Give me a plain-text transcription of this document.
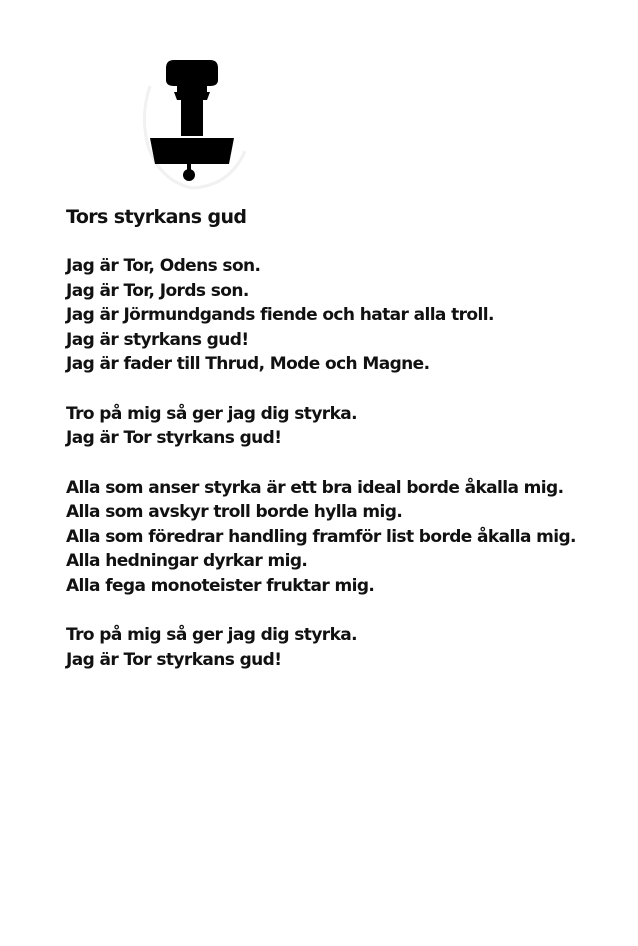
Tors styrkans gud
Jag är Tor, Odens son.
Jag är Tor, Jords son.
Jag är Jörmundgands fiende och hatar alla troll.
Jag är styrkans gud!
Jag är fader till Thrud, Mode och Magne.
Tro på mig så ger jag dig styrka.
Jag är Tor styrkans gud!
Alla som anser styrka är ett bra ideal borde åkalla mig.
Alla som avskyr troll borde hylla mig.
Alla som föredrar handling framför list borde åkalla mig.
Alla hedningar dyrkar mig.
Alla fega monoteister fruktar mig.
Tro på mig så ger jag dig styrka.
Jag är Tor styrkans gud!
